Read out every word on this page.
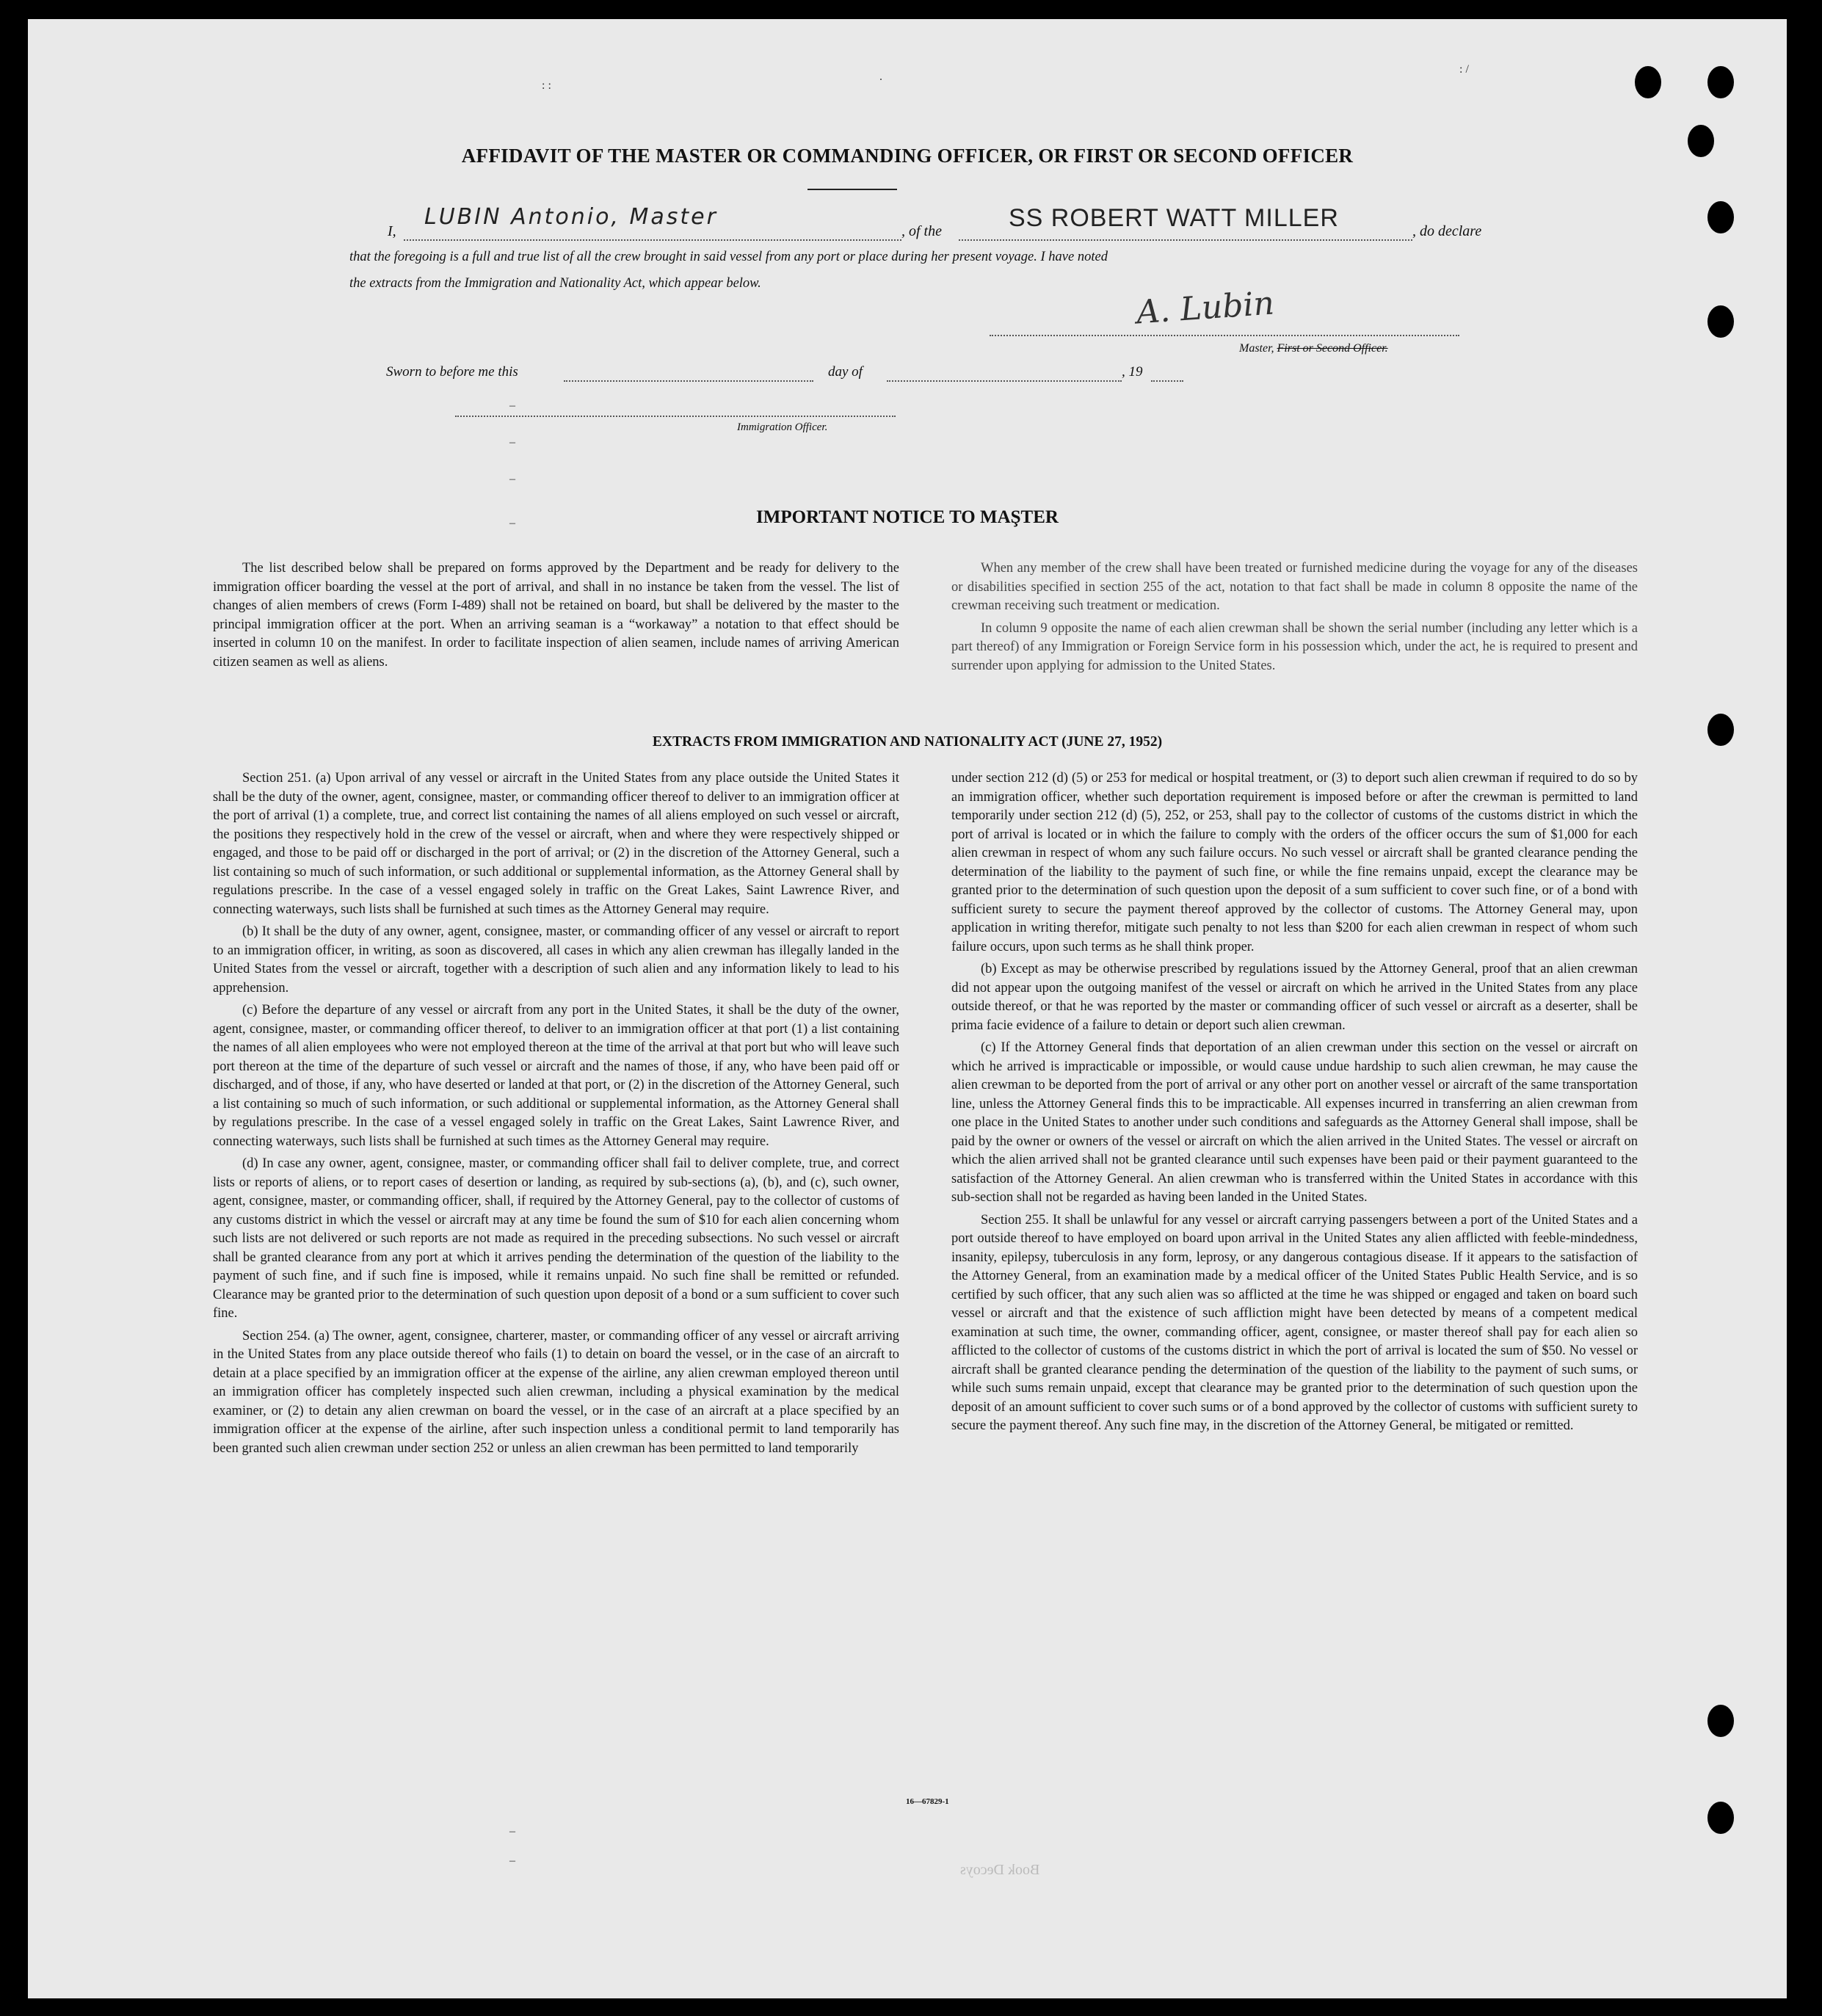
: :
.
: /
AFFIDAVIT OF THE MASTER OR COMMANDING OFFICER, OR FIRST OR SECOND OFFICER
I,
LUBIN Antonio, Master
, of the	SS ROBERT WATT MILLER	, do declare
that the foregoing is a full and true list of all the crew brought in said vessel from any port or place during her present voyage. I have noted
the extracts from the Immigration and Nationality Act, which appear below.
A. Lubin
Master, First or Second Officer.
Sworn to before me this	day of	, 19
Immigration Officer.
–
–
–
–	IMPORTANT NOTICE TO MAŞTER

The list described below shall be prepared on forms approved by the Department and be ready for delivery to the immigration officer boarding the vessel at the port of arrival, and shall in no instance be taken from the vessel. The list of changes of alien members of crews (Form I-489) shall not be retained on board, but shall be delivered by the master to the principal immigration officer at the port. When an arriving seaman is a “workaway” a notation to that effect should be inserted in column 10 on the manifest. In order to facilitate inspection of alien seamen, include names of arriving American citizen seamen as well as aliens.

When any member of the crew shall have been treated or furnished medicine during the voyage for any of the diseases or disabilities specified in section 255 of the act, notation to that fact shall be made in column 8 opposite the name of the crewman receiving such treatment or medication.

In column 9 opposite the name of each alien crewman shall be shown the serial number (including any letter which is a part thereof) of any Immigration or Foreign Service form in his possession which, under the act, he is required to present and surrender upon applying for admission to the United States.

EXTRACTS FROM IMMIGRATION AND NATIONALITY ACT (JUNE 27, 1952)

Section 251. (a) Upon arrival of any vessel or aircraft in the United States from any place outside the United States it shall be the duty of the owner, agent, consignee, master, or commanding officer thereof to deliver to an immigration officer at the port of arrival (1) a complete, true, and correct list containing the names of all aliens employed on such vessel or aircraft, the positions they respectively hold in the crew of the vessel or aircraft, when and where they were respectively shipped or engaged, and those to be paid off or discharged in the port of arrival; or (2) in the discretion of the Attorney General, such a list containing so much of such information, or such additional or supplemental information, as the Attorney General shall by regulations prescribe. In the case of a vessel engaged solely in traffic on the Great Lakes, Saint Lawrence River, and connecting waterways, such lists shall be furnished at such times as the Attorney General may require.

(b) It shall be the duty of any owner, agent, consignee, master, or commanding officer of any vessel or aircraft to report to an immigration officer, in writing, as soon as discovered, all cases in which any alien crewman has illegally landed in the United States from the vessel or aircraft, together with a description of such alien and any information likely to lead to his apprehension.

(c) Before the departure of any vessel or aircraft from any port in the United States, it shall be the duty of the owner, agent, consignee, master, or commanding officer thereof, to deliver to an immigration officer at that port (1) a list containing the names of all alien employees who were not employed thereon at the time of the arrival at that port but who will leave such port thereon at the time of the departure of such vessel or aircraft and the names of those, if any, who have been paid off or discharged, and of those, if any, who have deserted or landed at that port, or (2) in the discretion of the Attorney General, such a list containing so much of such information, or such additional or supplemental information, as the Attorney General shall by regulations prescribe. In the case of a vessel engaged solely in traffic on the Great Lakes, Saint Lawrence River, and connecting waterways, such lists shall be furnished at such times as the Attorney General may require.

(d) In case any owner, agent, consignee, master, or commanding officer shall fail to deliver complete, true, and correct lists or reports of aliens, or to report cases of desertion or landing, as required by sub-sections (a), (b), and (c), such owner, agent, consignee, master, or commanding officer, shall, if required by the Attorney General, pay to the collector of customs of any customs district in which the vessel or aircraft may at any time be found the sum of $10 for each alien concerning whom such lists are not delivered or such reports are not made as required in the preceding subsections. No such vessel or aircraft shall be granted clearance from any port at which it arrives pending the determination of the question of the liability to the payment of such fine, and if such fine is imposed, while it remains unpaid. No such fine shall be remitted or refunded. Clearance may be granted prior to the determination of such question upon deposit of a bond or a sum sufficient to cover such fine.

Section 254. (a) The owner, agent, consignee, charterer, master, or commanding officer of any vessel or aircraft arriving in the United States from any place outside thereof who fails (1) to detain on board the vessel, or in the case of an aircraft to detain at a place specified by an immigration officer at the expense of the airline, any alien crewman employed thereon until an immigration officer has completely inspected such alien crewman, including a physical examination by the medical examiner, or (2) to detain any alien crewman on board the vessel, or in the case of an aircraft at a place specified by an immigration officer at the expense of the airline, after such inspection unless a conditional permit to land temporarily has been granted such alien crewman under section 252 or unless an alien crewman has been permitted to land temporarily

under section 212 (d) (5) or 253 for medical or hospital treatment, or (3) to deport such alien crewman if required to do so by an immigration officer, whether such deportation requirement is imposed before or after the crewman is permitted to land temporarily under section 212 (d) (5), 252, or 253, shall pay to the collector of customs of the customs district in which the port of arrival is located or in which the failure to comply with the orders of the officer occurs the sum of $1,000 for each alien crewman in respect of whom any such failure occurs. No such vessel or aircraft shall be granted clearance pending the determination of the liability to the payment of such fine, or while the fine remains unpaid, except the clearance may be granted prior to the determination of such question upon the deposit of a sum sufficient to cover such fine, or of a bond with sufficient surety to secure the payment thereof approved by the collector of customs. The Attorney General may, upon application in writing therefor, mitigate such penalty to not less than $200 for each alien crewman in respect of whom such failure occurs, upon such terms as he shall think proper.

(b) Except as may be otherwise prescribed by regulations issued by the Attorney General, proof that an alien crewman did not appear upon the outgoing manifest of the vessel or aircraft on which he arrived in the United States from any place outside thereof, or that he was reported by the master or commanding officer of such vessel or aircraft as a deserter, shall be prima facie evidence of a failure to detain or deport such alien crewman.

(c) If the Attorney General finds that deportation of an alien crewman under this section on the vessel or aircraft on which he arrived is impracticable or impossible, or would cause undue hardship to such alien crewman, he may cause the alien crewman to be deported from the port of arrival or any other port on another vessel or aircraft of the same transportation line, unless the Attorney General finds this to be impracticable. All expenses incurred in transferring an alien crewman from one place in the United States to another under such conditions and safeguards as the Attorney General shall impose, shall be paid by the owner or owners of the vessel or aircraft on which the alien arrived in the United States. The vessel or aircraft on which the alien arrived shall not be granted clearance until such expenses have been paid or their payment guaranteed to the satisfaction of the Attorney General. An alien crewman who is transferred within the United States in accordance with this sub-section shall not be regarded as having been landed in the United States.

Section 255. It shall be unlawful for any vessel or aircraft carrying passengers between a port of the United States and a port outside thereof to have employed on board upon arrival in the United States any alien afflicted with feeble-mindedness, insanity, epilepsy, tuberculosis in any form, leprosy, or any dangerous contagious disease. If it appears to the satisfaction of the Attorney General, from an examination made by a medical officer of the United States Public Health Service, and is so certified by such officer, that any such alien was so afflicted at the time he was shipped or engaged and taken on board such vessel or aircraft and that the existence of such affliction might have been detected by means of a competent medical examination at such time, the owner, commanding officer, agent, consignee, or master thereof shall pay for each alien so afflicted to the collector of customs of the customs district in which the port of arrival is located the sum of $50. No vessel or aircraft shall be granted clearance pending the determination of the question of the liability to the payment of such sums, or while such sums remain unpaid, except that clearance may be granted prior to the determination of such question upon the deposit of an amount sufficient to cover such sums or of a bond approved by the collector of customs with sufficient surety to secure the payment thereof. Any such fine may, in the discretion of the Attorney General, be mitigated or remitted.

16—67829-1
–
–
Book Decoys
